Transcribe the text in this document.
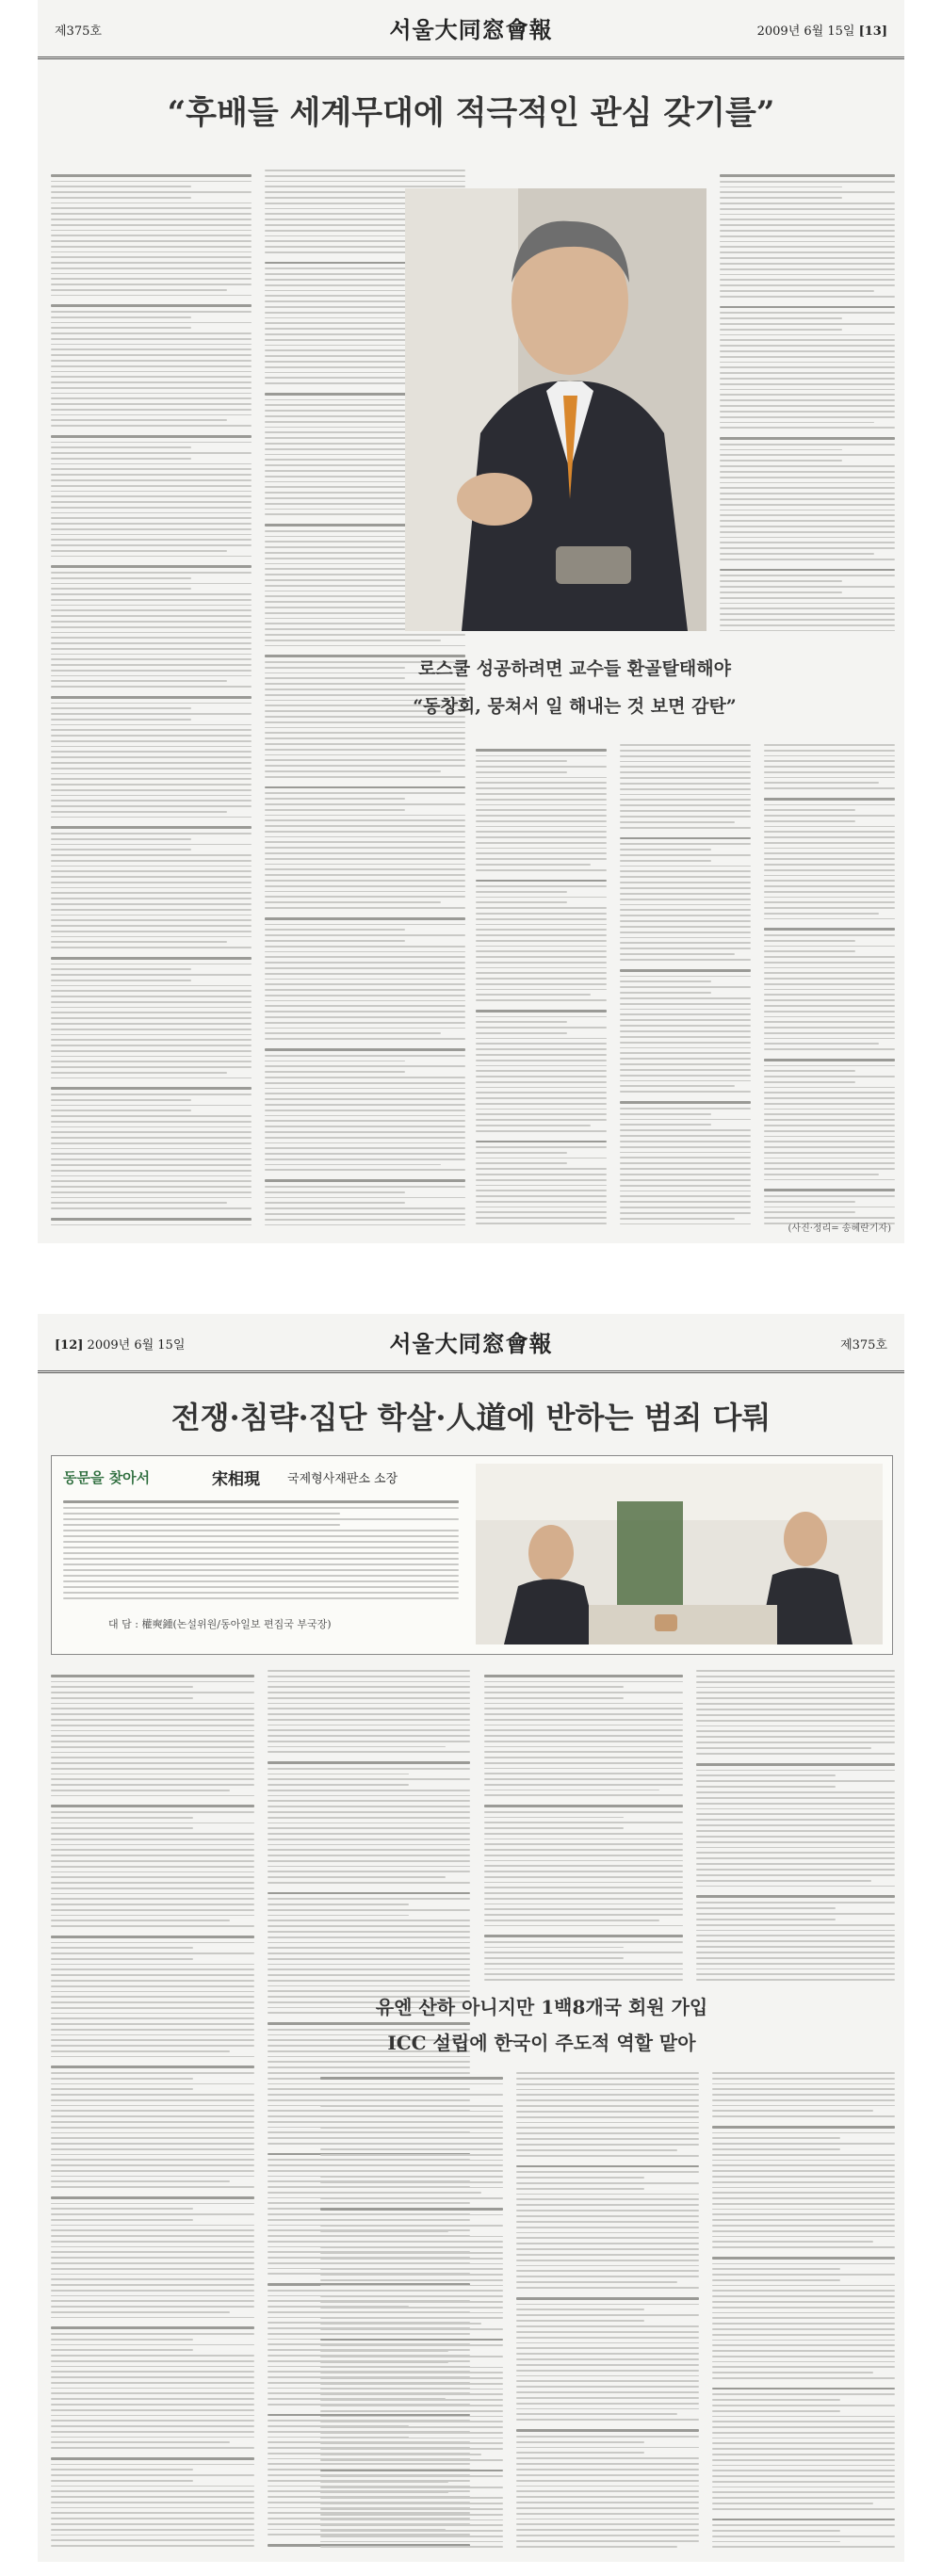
제375호	서울大同窓會報	2009년 6월 15일 [13]
“후배들 세계무대에 적극적인 관심 갖기를”
로스쿨 성공하려면 교수들 환골탈태해야
“동창회, 뭉쳐서 일 해내는 것 보면 감탄”
(사진·정리= 송혜란기자)
[12] 2009년 6월 15일	서울大同窓會報	제375호
전쟁·침략·집단 학살·人道에 반하는 범죄 다뤄
동문을 찾아서	宋相現 국제형사재판소 소장
대 담 : 權奭鍾(논설위원/동아일보 편집국 부국장)
유엔 산하 아니지만 1백8개국 회원 가입
ICC 설립에 한국이 주도적 역할 맡아
